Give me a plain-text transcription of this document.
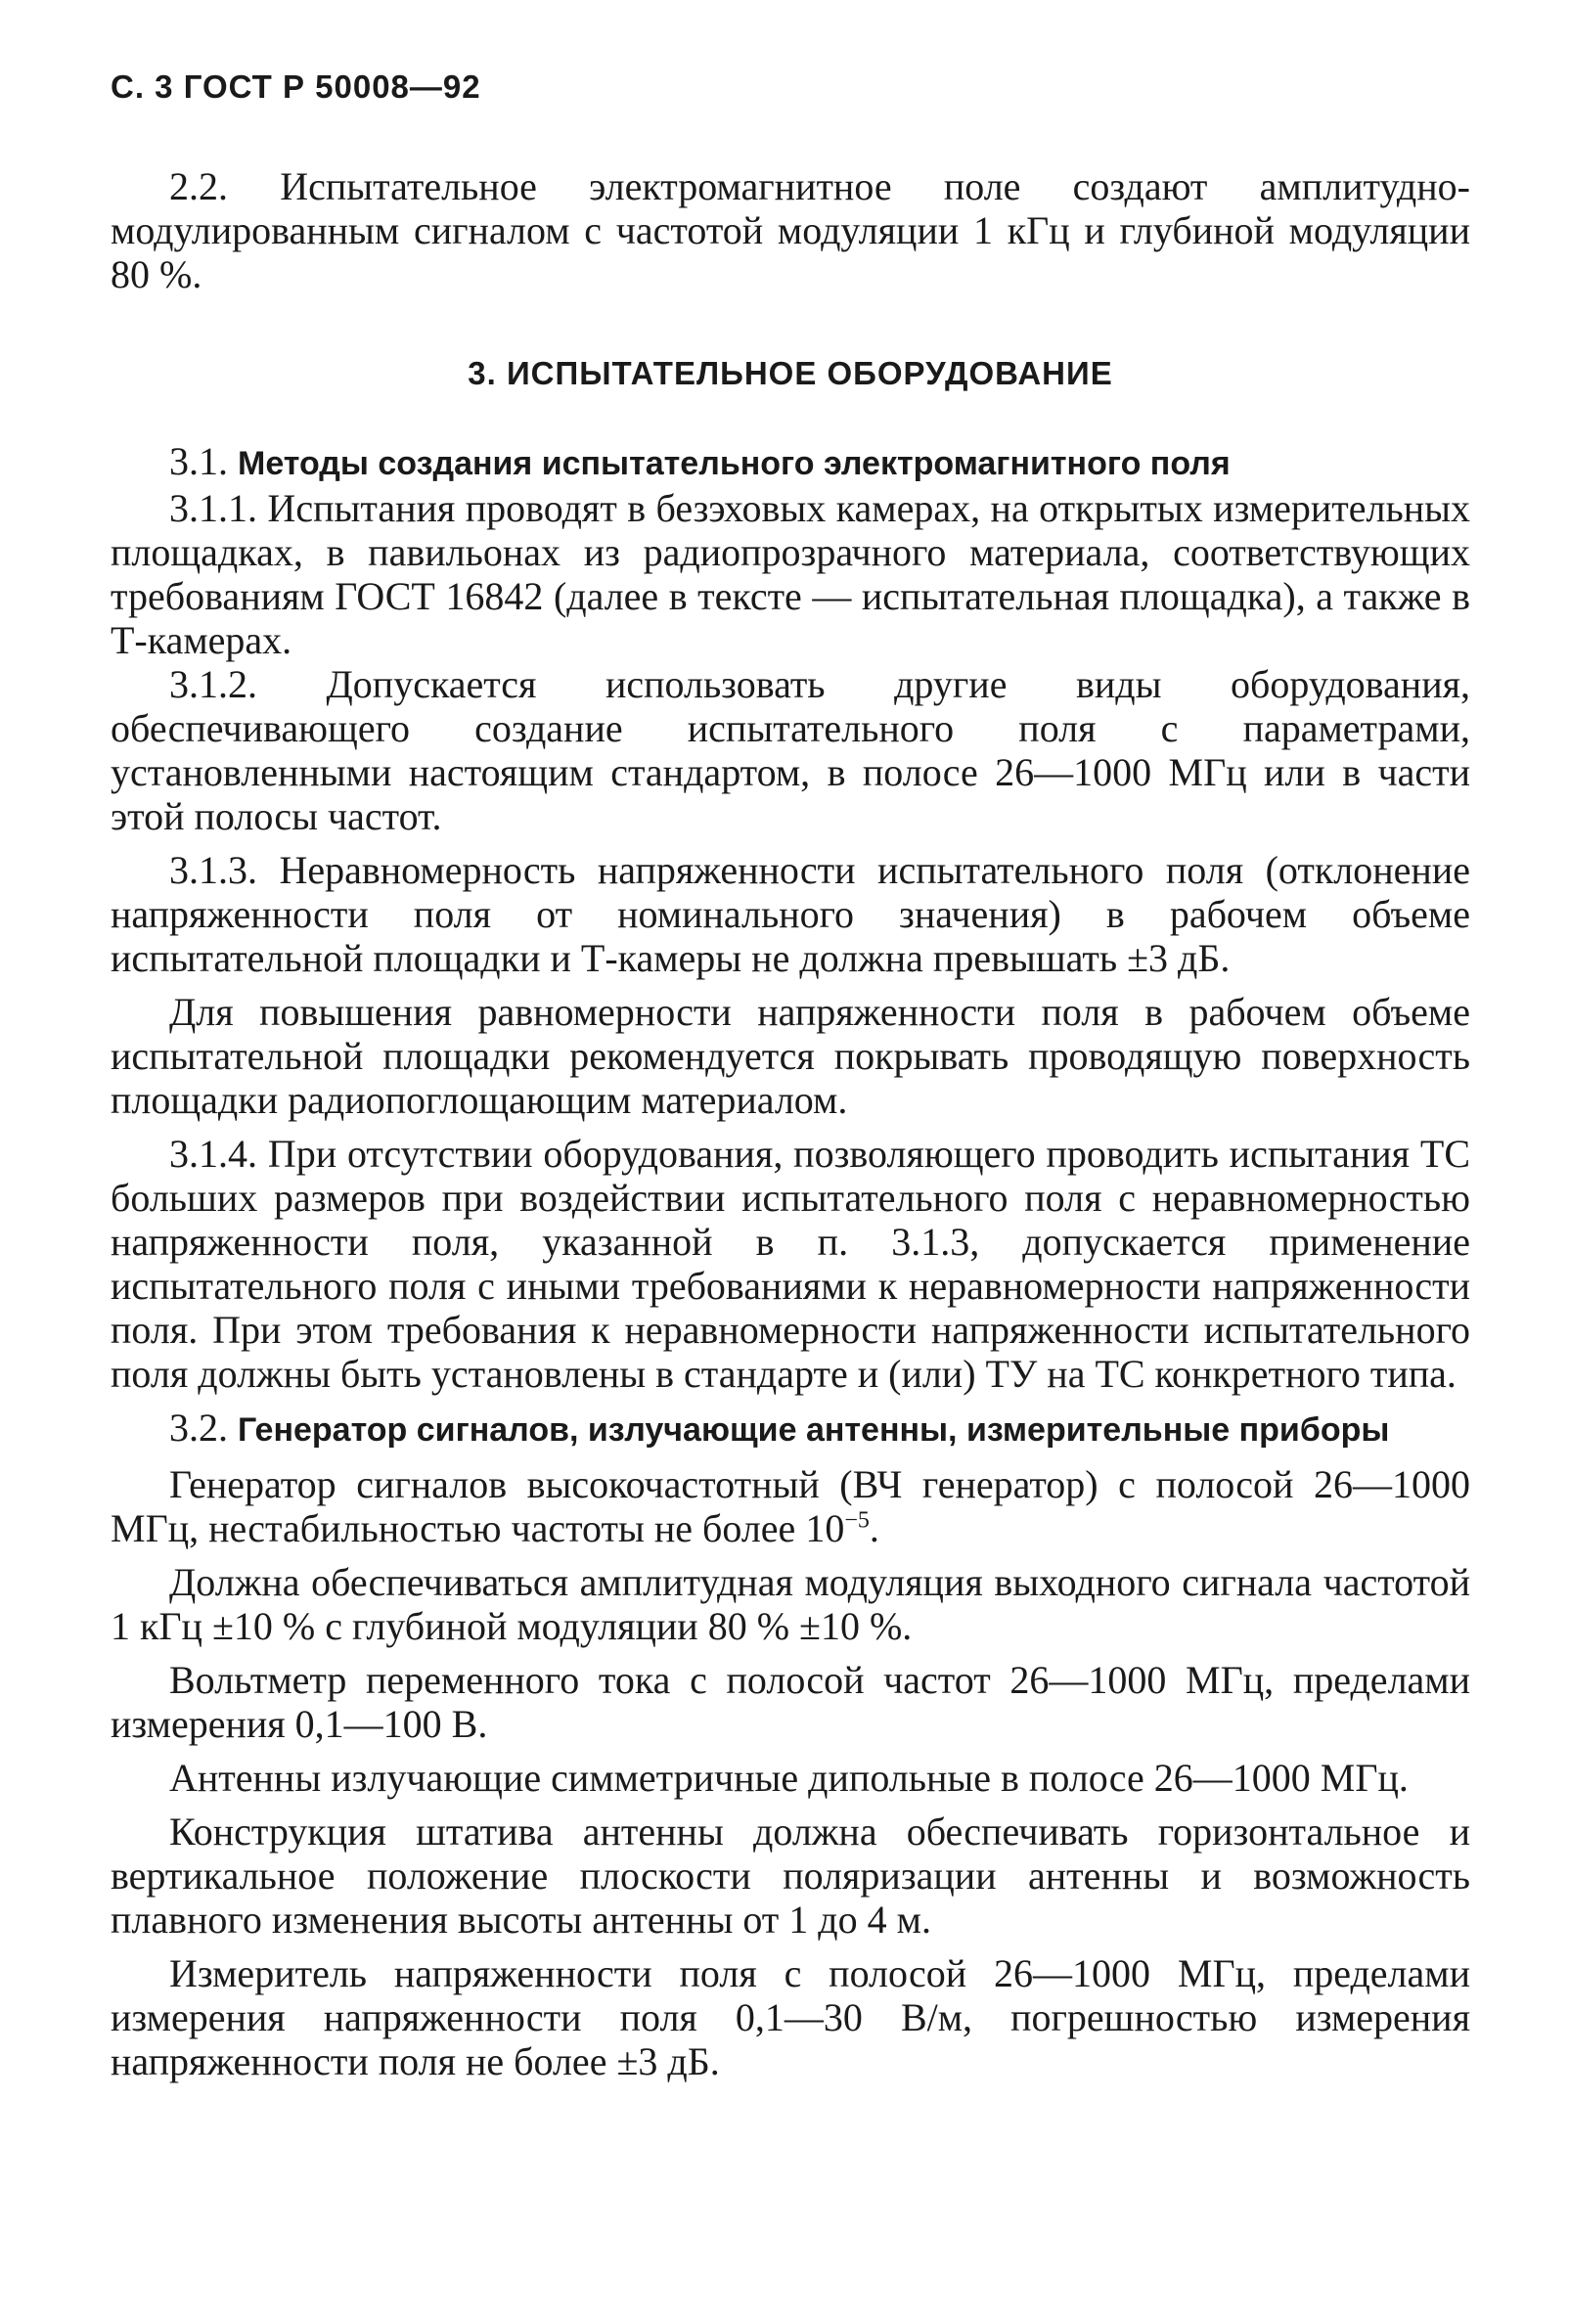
С. 3 ГОСТ Р 50008—92

2.2. Испытательное электромагнитное поле создают амплитудно-модулированным сигналом с частотой модуляции 1 кГц и глубиной модуляции 80 %.

3. ИСПЫТАТЕЛЬНОЕ ОБОРУДОВАНИЕ

3.1. Методы создания испытательного электромагнитного поля

3.1.1. Испытания проводят в безэховых камерах, на открытых измерительных площадках, в павильонах из радиопрозрачного материала, соответствующих требованиям ГОСТ 16842 (далее в тексте — испытательная площадка), а также в Т-камерах.

3.1.2. Допускается использовать другие виды оборудования, обеспечивающего создание испытательного поля с параметрами, установленными настоящим стандартом, в полосе 26—1000 МГц или в части этой полосы частот.

3.1.3. Неравномерность напряженности испытательного поля (отклонение напряженности поля от номинального значения) в рабочем объеме испытательной площадки и Т-камеры не должна превышать ±3 дБ.

Для повышения равномерности напряженности поля в рабочем объеме испытательной площадки рекомендуется покрывать проводящую поверхность площадки радиопоглощающим материалом.

3.1.4. При отсутствии оборудования, позволяющего проводить испытания ТС больших размеров при воздействии испытательного поля с неравномерностью напряженности поля, указанной в п. 3.1.3, допускается применение испытательного поля с иными требованиями к неравномерности напряженности поля. При этом требования к неравномерности напряженности испытательного поля должны быть установлены в стандарте и (или) ТУ на ТС конкретного типа.

3.2. Генератор сигналов, излучающие антенны, измерительные приборы

Генератор сигналов высокочастотный (ВЧ генератор) с полосой 26—1000 МГц, нестабильностью частоты не более $10^{-5}$.

Должна обеспечиваться амплитудная модуляция выходного сигнала частотой 1 кГц ±10 % с глубиной модуляции 80 % ±10 %.

Вольтметр переменного тока с полосой частот 26—1000 МГц, пределами измерения 0,1—100 В.

Антенны излучающие симметричные дипольные в полосе 26—1000 МГц.

Конструкция штатива антенны должна обеспечивать горизонтальное и вертикальное положение плоскости поляризации антенны и возможность плавного изменения высоты антенны от 1 до 4 м.

Измеритель напряженности поля с полосой 26—1000 МГц, пределами измерения напряженности поля 0,1—30 В/м, погрешностью измерения напряженности поля не более ±3 дБ.
